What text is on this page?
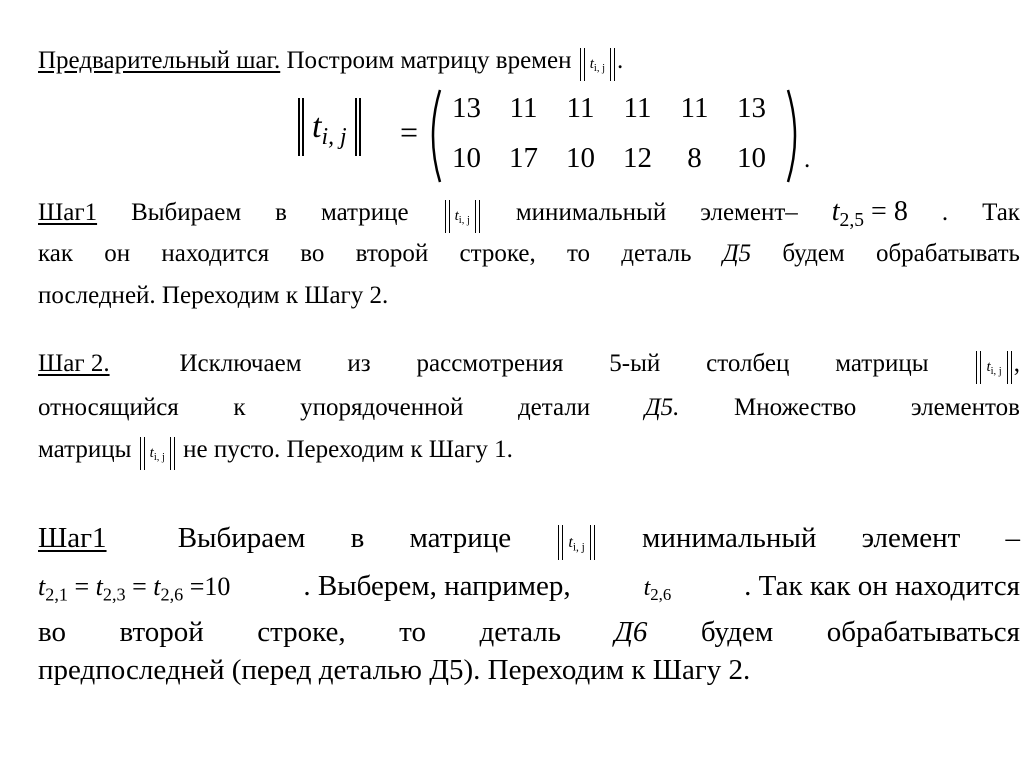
Предварительный шаг. Построим матрицу времен $t_{i, j}$ .
$t_{i, j}$	=
13 11 11 11 11 13
10 17 10 12 8 10	.
Шаг1 Выбираем в матрице	$t_{i, j}$	минимальный элемент– $t_{2,5} = 8$ . Так
как он находится во второй строке, то деталь Д5 будем обрабатывать
последней. Переходим к Шагу 2.
Шаг 2.	Исключаем из рассмотрения 5-ый столбец матрицы	$t_{i, j}$ ,
относящийся к упорядоченной детали Д5. Множество элементов
матрицы $t_{i, j}$ не пусто. Переходим к Шагу 1.
Шаг1	Выбираем в матрице	$t_{i, j}$	минимальный элемент –
$t_{2,1} = t_{2,3} = t_{2,6} =10$	. Выберем, например,	$t_{2,6}$	. Так как он находится
во второй строке, то деталь Д6 будем обрабатываться
предпоследней (перед деталью Д5). Переходим к Шагу 2.
